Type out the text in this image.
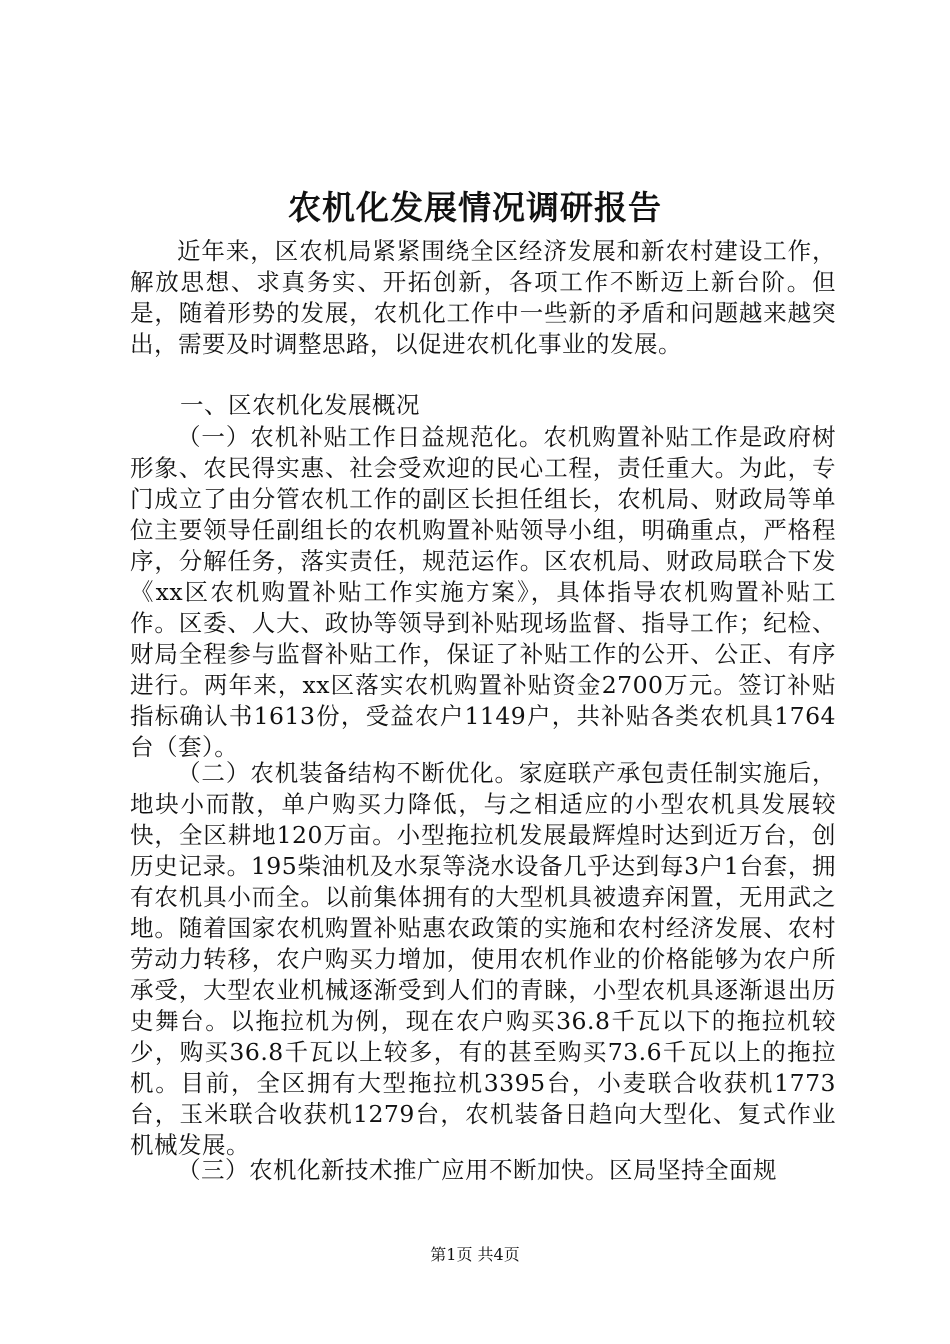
农机化发展情况调研报告

近年来，区农机局紧紧围绕全区经济发展和新农村建设工作，解放思想、求真务实、开拓创新，各项工作不断迈上新台阶。但是，随着形势的发展，农机化工作中一些新的矛盾和问题越来越突出，需要及时调整思路，以促进农机化事业的发展。

一、区农机化发展概况

（一）农机补贴工作日益规范化。农机购置补贴工作是政府树形象、农民得实惠、社会受欢迎的民心工程，责任重大。为此，专门成立了由分管农机工作的副区长担任组长，农机局、财政局等单位主要领导任副组长的农机购置补贴领导小组，明确重点，严格程序，分解任务，落实责任，规范运作。区农机局、财政局联合下发《xx区农机购置补贴工作实施方案》，具体指导农机购置补贴工作。区委、人大、政协等领导到补贴现场监督、指导工作；纪检、财局全程参与监督补贴工作，保证了补贴工作的公开、公正、有序进行。两年来，xx区落实农机购置补贴资金2700万元。签订补贴指标确认书1613份，受益农户1149户，共补贴各类农机具1764台（套）。

（二）农机装备结构不断优化。家庭联产承包责任制实施后，地块小而散，单户购买力降低，与之相适应的小型农机具发展较快，全区耕地120万亩。小型拖拉机发展最辉煌时达到近万台，创历史记录。195柴油机及水泵等浇水设备几乎达到每3户1台套，拥有农机具小而全。以前集体拥有的大型机具被遗弃闲置，无用武之地。随着国家农机购置补贴惠农政策的实施和农村经济发展、农村劳动力转移，农户购买力增加，使用农机作业的价格能够为农户所承受，大型农业机械逐渐受到人们的青睐，小型农机具逐渐退出历史舞台。以拖拉机为例，现在农户购买36.8千瓦以下的拖拉机较少，购买36.8千瓦以上较多，有的甚至购买73.6千瓦以上的拖拉机。目前，全区拥有大型拖拉机3395台，小麦联合收获机1773台，玉米联合收获机1279台，农机装备日趋向大型化、复式作业机械发展。

（三）农机化新技术推广应用不断加快。区局坚持全面规

第1页 共4页
